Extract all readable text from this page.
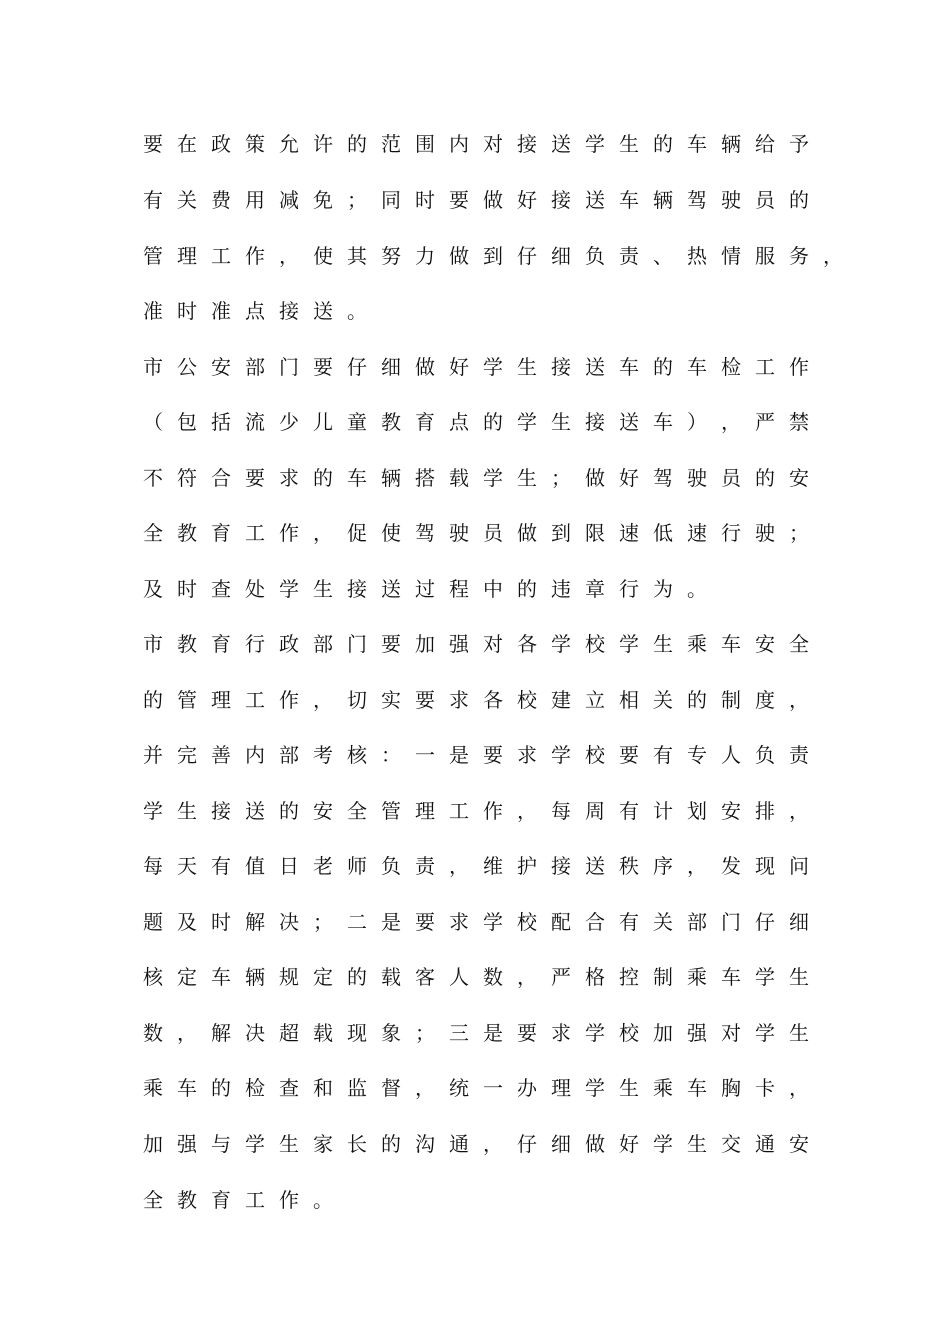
要 在 政 策 允 许 的 范 围 内 对 接 送 学 生 的 车 辆 给 予
有 关 费 用 减 免 ； 同 时 要 做 好 接 送 车 辆 驾 驶 员 的
管 理 工 作 ， 使 其 努 力 做 到 仔 细 负 责 、 热 情 服 务 ，
准 时 准 点 接 送 。
市 公 安 部 门 要 仔 细 做 好 学 生 接 送 车 的 车 检 工 作
（ 包 括 流 少 儿 童 教 育 点 的 学 生 接 送 车 ） ， 严 禁
不 符 合 要 求 的 车 辆 搭 载 学 生 ； 做 好 驾 驶 员 的 安
全 教 育 工 作 ， 促 使 驾 驶 员 做 到 限 速 低 速 行 驶 ；
及 时 查 处 学 生 接 送 过 程 中 的 违 章 行 为 。
市 教 育 行 政 部 门 要 加 强 对 各 学 校 学 生 乘 车 安 全
的 管 理 工 作 ， 切 实 要 求 各 校 建 立 相 关 的 制 度 ，
并 完 善 内 部 考 核 ： 一 是 要 求 学 校 要 有 专 人 负 责
学 生 接 送 的 安 全 管 理 工 作 ， 每 周 有 计 划 安 排 ，
每 天 有 值 日 老 师 负 责 ， 维 护 接 送 秩 序 ， 发 现 问
题 及 时 解 决 ； 二 是 要 求 学 校 配 合 有 关 部 门 仔 细
核 定 车 辆 规 定 的 载 客 人 数 ， 严 格 控 制 乘 车 学 生
数 ， 解 决 超 载 现 象 ； 三 是 要 求 学 校 加 强 对 学 生
乘 车 的 检 查 和 监 督 ， 统 一 办 理 学 生 乘 车 胸 卡 ，
加 强 与 学 生 家 长 的 沟 通 ， 仔 细 做 好 学 生 交 通 安
全 教 育 工 作 。
